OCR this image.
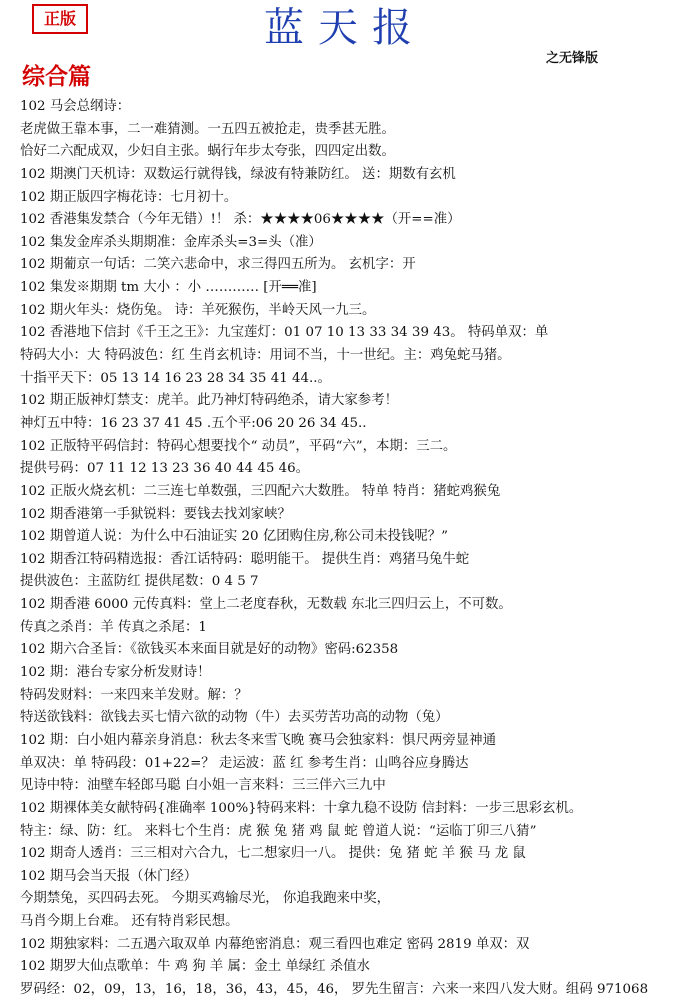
正版	蓝天报
之无锋版
综合篇
102 马会总纲诗：
老虎做王靠本事，二一难猜测。一五四五被抢走，贵季甚无胜。
恰好二六配成双，少妇自主张。蜗行年步太夸张，四四定出数。
102 期澳门天机诗：双数运行就得钱，绿波有特兼防红。 送：期数有玄机
102 期正版四字梅花诗：七月初十。
102 香港集发禁合（今年无错）!！ 杀：★★★★06★★★★（开==准）
102 集发金库杀头期期准：金库杀头=3=头（准）
102 期葡京一句话：二笑六悲命中，求三得四五所为。 玄机字：开
102 集发※期期 tm 大小 ：小 ………… [开══准]
102 期火年头：烧伤兔。 诗：羊死猴伤，半岭天风一九三。
102 香港地下信封《千王之王》：九宝莲灯：01 07 10 13 33 34 39 43。 特码单双：单
特码大小：大 特码波色：红 生肖玄机诗：用词不当，十一世纪。主：鸡兔蛇马猪。
十指平天下：05 13 14 16 23 28 34 35 41 44..。
102 期正版神灯禁支：虎羊。此乃神灯特码绝杀，请大家参考！
神灯五中特：16 23 37 41 45 .五个平:06 20 26 34 45..
102 正版特平码信封：特码心想要找个“ 动员”，平码“六”，本期：三二。
提供号码：07 11 12 13 23 36 40 44 45 46。
102 正版火烧玄机：二三连七单数强，三四配六大数胜。 特单 特肖：猪蛇鸡猴兔
102 期香港第一手狱锐料：要钱去找刘家峡？
102 期曾道人说：为什么中石油证实 20 亿团购住房,称公司未投钱呢？”
102 期香江特码精选报：香江话特码：聪明能干。 提供生肖：鸡猪马兔牛蛇
提供波色：主蓝防红 提供尾数：0 4 5 7
102 期香港 6000 元传真料：堂上二老度春秋，无数载 东北三四归云上，不可数。
传真之杀肖：羊 传真之杀尾：1
102 期六合圣旨：《欲钱买本来面目就是好的动物》密码:62358
102 期：港台专家分析发财诗！
特码发财料：一来四来羊发财。解：？
特送欲钱料：欲钱去买七情六欲的动物（牛）去买劳苦功高的动物（兔）
102 期：白小姐内幕亲身消息：秋去冬来雪飞晚 赛马会独家料：惧尺两旁显神通
单双决：单 特码段：01+22=？ 走运波：蓝 红 参考生肖：山鸣谷应身腾达
见诗中特：油壁车轻郎马聪 白小姐一言来料：三三伴六三九中
102 期裸体美女献特码{准确率 100%}特码来料：十拿九稳不设防 信封料：一步三思彩玄机。
特主：绿、防：红。 来料七个生肖：虎 猴 兔 猪 鸡 鼠 蛇 曾道人说：“运临丁卯三八猜”
102 期奇人透肖：三三相对六合九，七二想家归一八。 提供：兔 猪 蛇 羊 猴 马 龙 鼠
102 期马会当天报（休门经）
今期禁兔，买四码去死。 今期买鸡输尽光， 你追我跑来中奖，
马肖今期上台难。 还有特肖彩民想。
102 期独家料：二五遇六取双单 内幕绝密消息：观三看四也难定 密码 2819 单双：双
102 期罗大仙点歌单：牛 鸡 狗 羊 属：金土 单绿红 杀值水
罗码经：02，09，13，16，18，36，43，45，46， 罗先生留言：六来一来四八发大财。组码 971068
